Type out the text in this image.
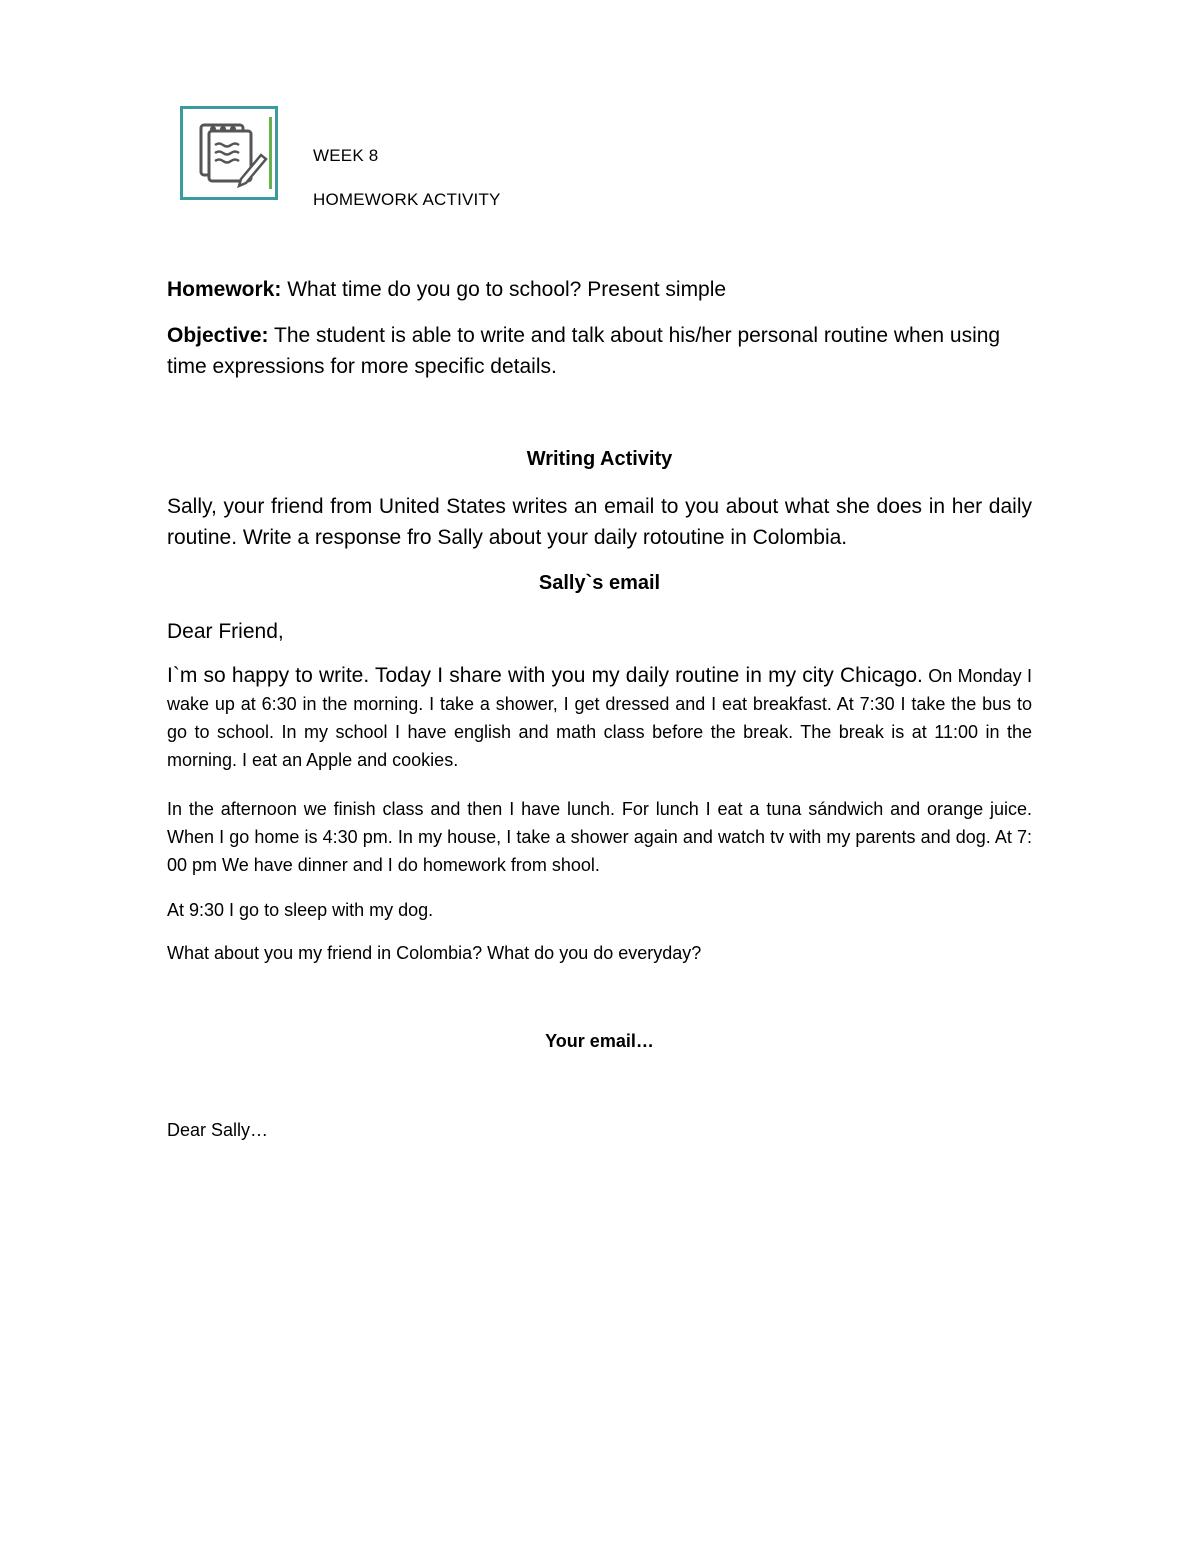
WEEK 8
HOMEWORK ACTIVITY
Homework: What time do you go to school? Present simple
Objective: The student is able to write and talk about his/her personal routine when using time expressions for more specific details.
Writing Activity
Sally, your friend from United States writes an email to you about what she does in her daily routine. Write a response fro Sally about your daily rotoutine in Colombia.
Sally`s email
Dear Friend,
I`m so happy to write. Today I share with you my daily routine in my city Chicago. On Monday I wake up at 6:30 in the morning. I take a shower, I get dressed and I eat breakfast. At 7:30 I take the bus to go to school. In my school I have english and math class before the break. The break is at 11:00 in the morning. I eat an Apple and cookies.
In the afternoon we finish class and then I have lunch. For lunch I eat a tuna sándwich and orange juice. When I go home is 4:30 pm. In my house, I take a shower again and watch tv with my parents and dog. At 7: 00 pm We have dinner and I do homework from shool.
At 9:30 I go to sleep with my dog.
What about you my friend in Colombia? What do you do everyday?
Your email…
Dear Sally…
